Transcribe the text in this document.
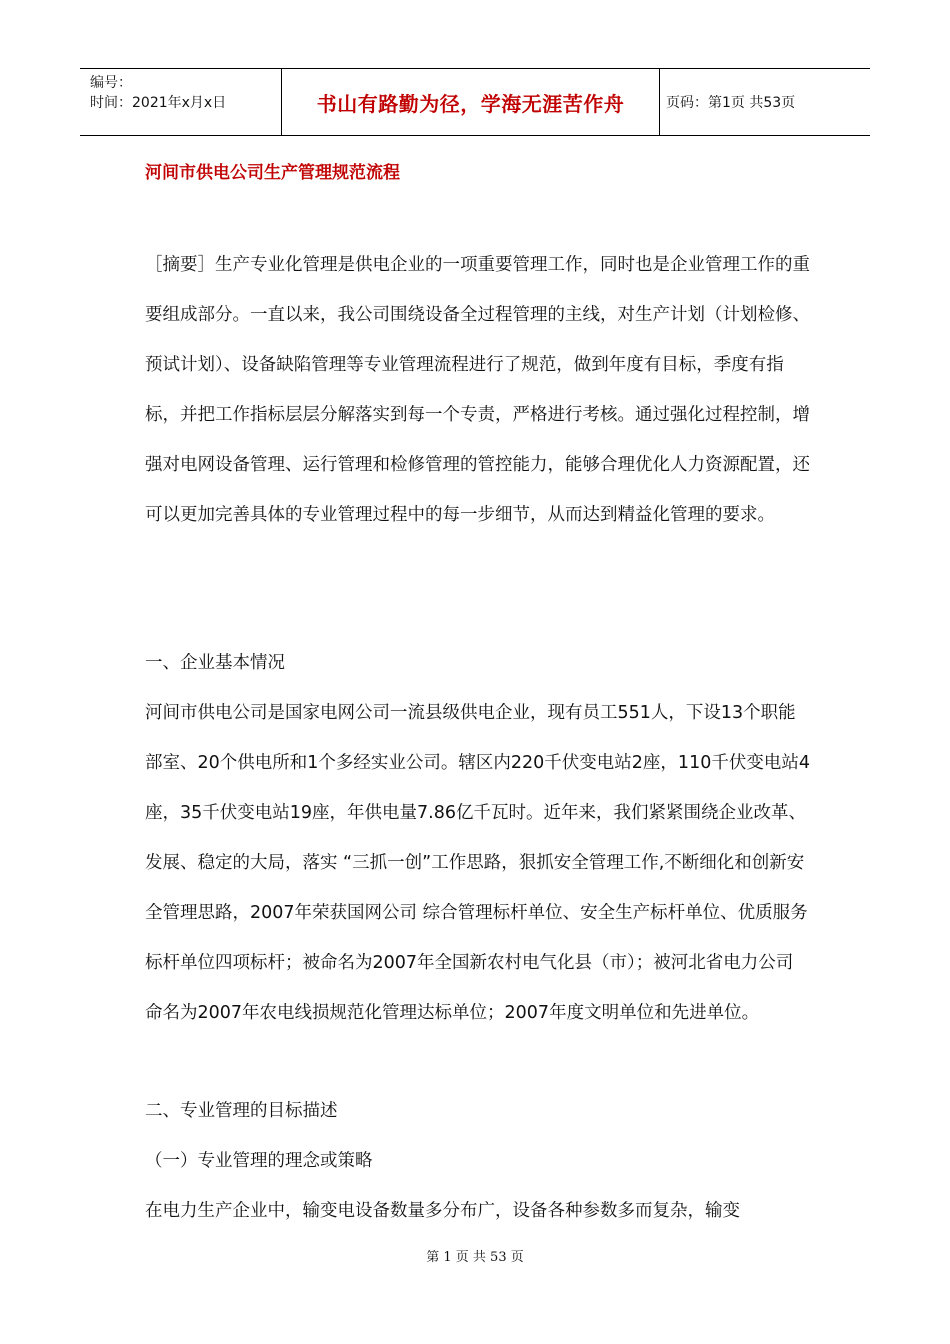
编号：
时间：2021年x月x日	书山有路勤为径，学海无涯苦作舟	页码：第1页 共53页
河间市供电公司生产管理规范流程

［摘要］生产专业化管理是供电企业的一项重要管理工作，同时也是企业管理工作的重要组成部分。一直以来，我公司围绕设备全过程管理的主线，对生产计划（计划检修、预试计划）、设备缺陷管理等专业管理流程进行了规范，做到年度有目标，季度有指标，并把工作指标层层分解落实到每一个专责，严格进行考核。通过强化过程控制，增强对电网设备管理、运行管理和检修管理的管控能力，能够合理优化人力资源配置，还可以更加完善具体的专业管理过程中的每一步细节，从而达到精益化管理的要求。

一、企业基本情况

河间市供电公司是国家电网公司一流县级供电企业，现有员工551人，下设13个职能部室、20个供电所和1个多经实业公司。辖区内220千伏变电站2座，110千伏变电站4座，35千伏变电站19座，年供电量7.86亿千瓦时。近年来，我们紧紧围绕企业改革、发展、稳定的大局，落实 “三抓一创”工作思路，狠抓安全管理工作,不断细化和创新安全管理思路，2007年荣获国网公司 综合管理标杆单位、安全生产标杆单位、优质服务标杆单位四项标杆；被命名为2007年全国新农村电气化县（市）；被河北省电力公司命名为2007年农电线损规范化管理达标单位；2007年度文明单位和先进单位。

二、专业管理的目标描述

（一）专业管理的理念或策略

在电力生产企业中，输变电设备数量多分布广，设备各种参数多而复杂，输变

第 1 页 共 53 页
